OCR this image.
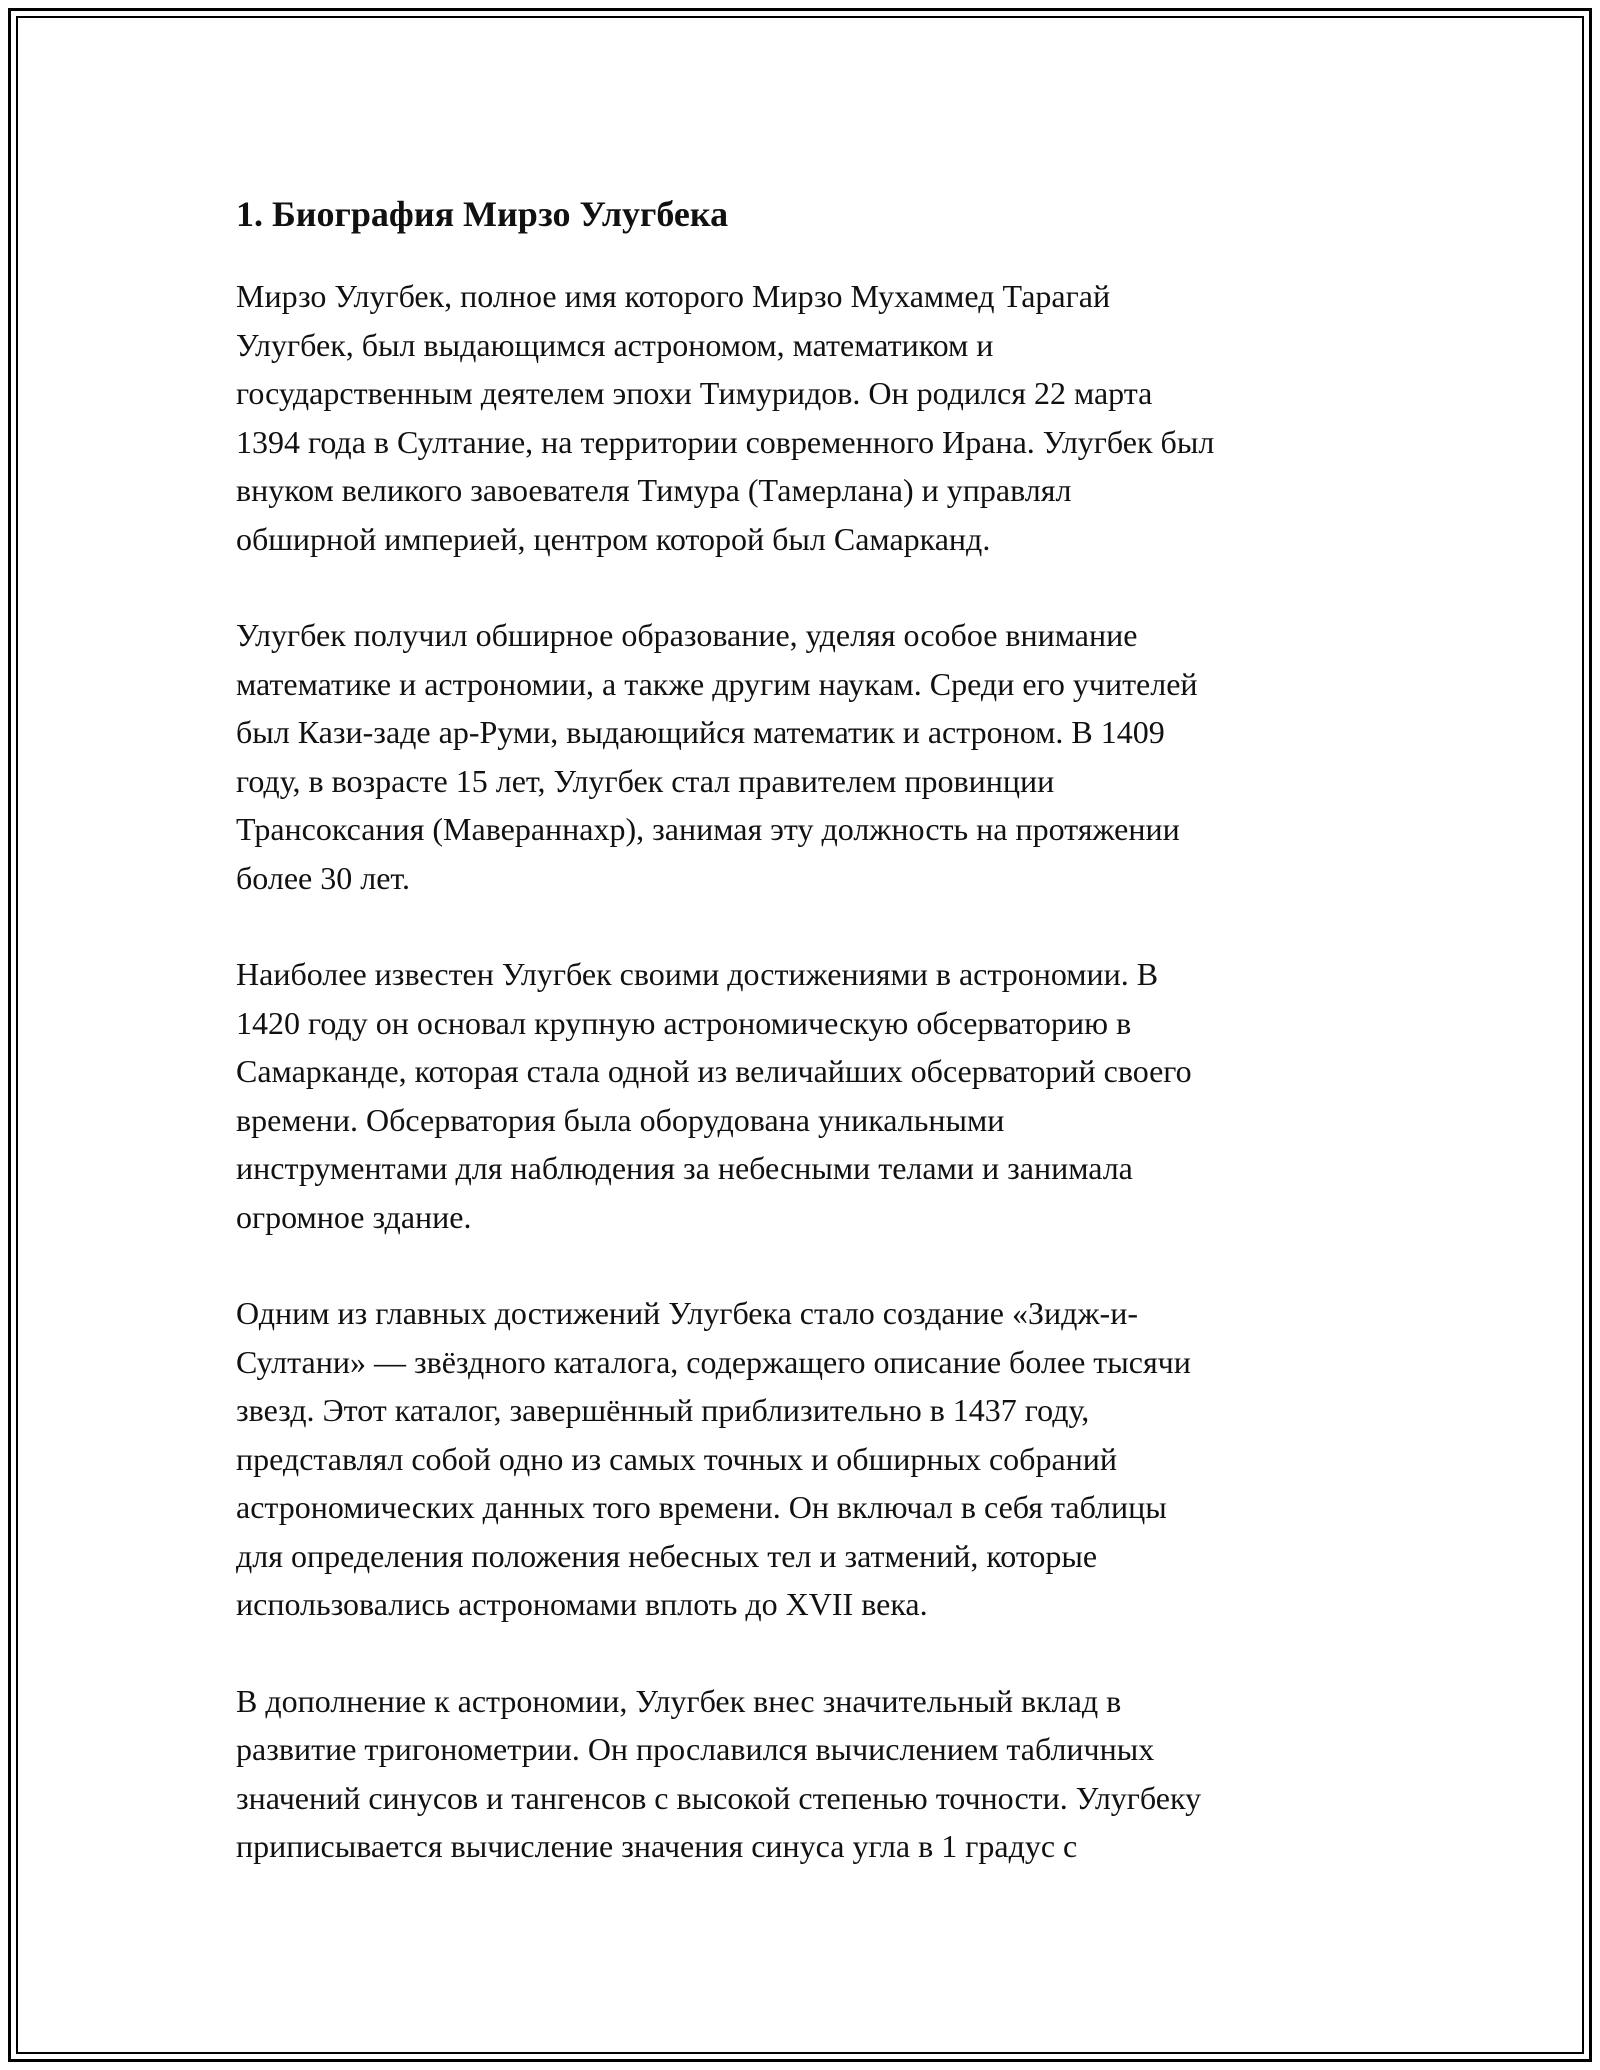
1. Биография Мирзо Улугбека
Мирзо Улугбек, полное имя которого Мирзо Мухаммед Тарагай
Улугбек, был выдающимся астрономом, математиком и
государственным деятелем эпохи Тимуридов. Он родился 22 марта
1394 года в Султание, на территории современного Ирана. Улугбек был
внуком великого завоевателя Тимура (Тамерлана) и управлял
обширной империей, центром которой был Самарканд.
Улугбек получил обширное образование, уделяя особое внимание
математике и астрономии, а также другим наукам. Среди его учителей
был Кази-заде ар-Руми, выдающийся математик и астроном. В 1409
году, в возрасте 15 лет, Улугбек стал правителем провинции
Трансоксания (Мавераннахр), занимая эту должность на протяжении
более 30 лет.
Наиболее известен Улугбек своими достижениями в астрономии. В
1420 году он основал крупную астрономическую обсерваторию в
Самарканде, которая стала одной из величайших обсерваторий своего
времени. Обсерватория была оборудована уникальными
инструментами для наблюдения за небесными телами и занимала
огромное здание.
Одним из главных достижений Улугбека стало создание «Зидж-и-
Султани» — звёздного каталога, содержащего описание более тысячи
звезд. Этот каталог, завершённый приблизительно в 1437 году,
представлял собой одно из самых точных и обширных собраний
астрономических данных того времени. Он включал в себя таблицы
для определения положения небесных тел и затмений, которые
использовались астрономами вплоть до XVII века.
В дополнение к астрономии, Улугбек внес значительный вклад в
развитие тригонометрии. Он прославился вычислением табличных
значений синусов и тангенсов с высокой степенью точности. Улугбеку
приписывается вычисление значения синуса угла в 1 градус с
